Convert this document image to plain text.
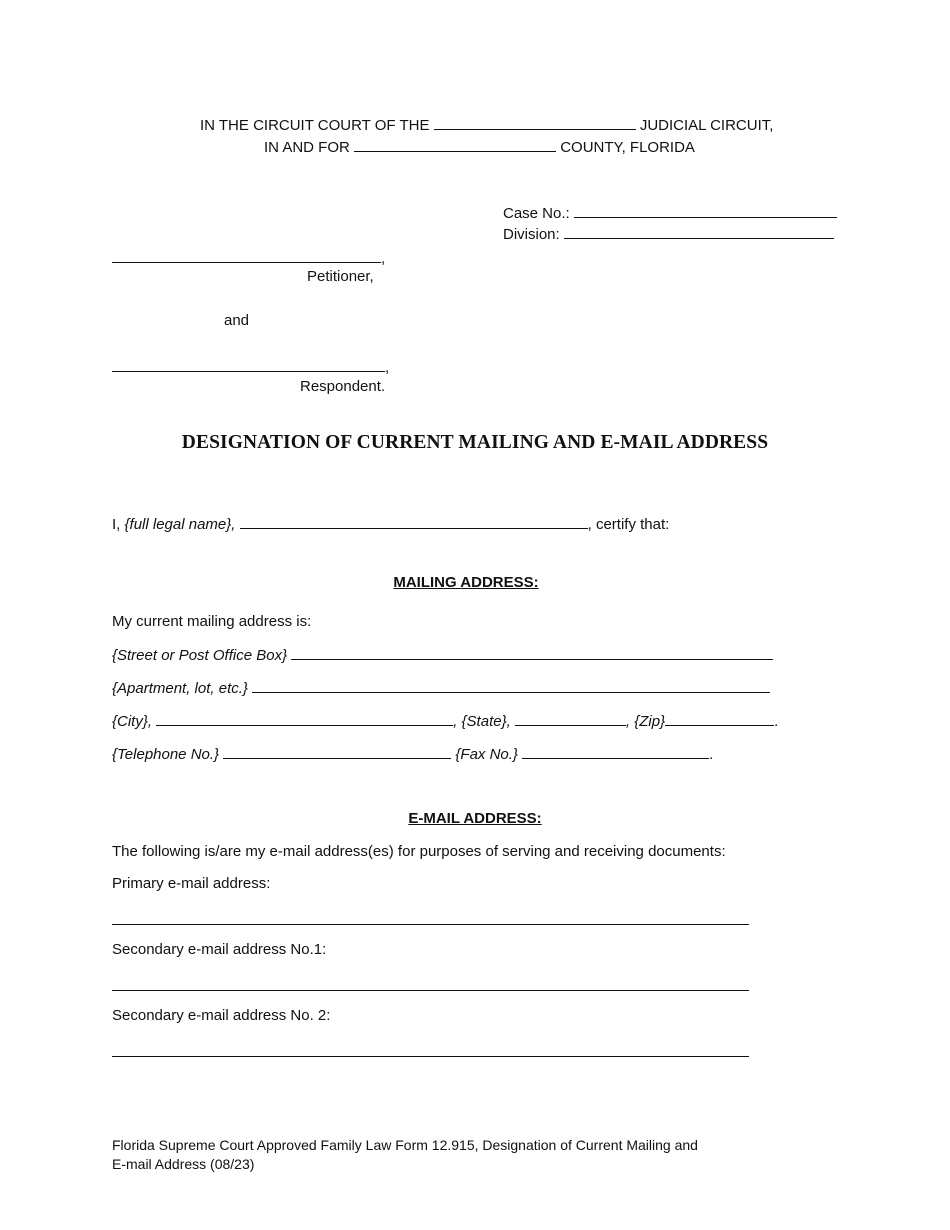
IN THE CIRCUIT COURT OF THE	JUDICIAL CIRCUIT,
IN AND FOR	COUNTY, FLORIDA
Case No.:
Division:
,
Petitioner,
and
,
Respondent.
DESIGNATION OF CURRENT MAILING AND E-MAIL ADDRESS
I, {full legal name},	, certify that:
MAILING ADDRESS:
My current mailing address is:
{Street or Post Office Box}
{Apartment, lot, etc.}
{City},	, {State},	, {Zip}	.
{Telephone No.}	{Fax No.}	.
E-MAIL ADDRESS:
The following is/are my e-mail address(es) for purposes of serving and receiving documents:
Primary e-mail address:
Secondary e-mail address No.1:
Secondary e-mail address No. 2:
Florida Supreme Court Approved Family Law Form 12.915, Designation of Current Mailing and
E-mail Address (08/23)
